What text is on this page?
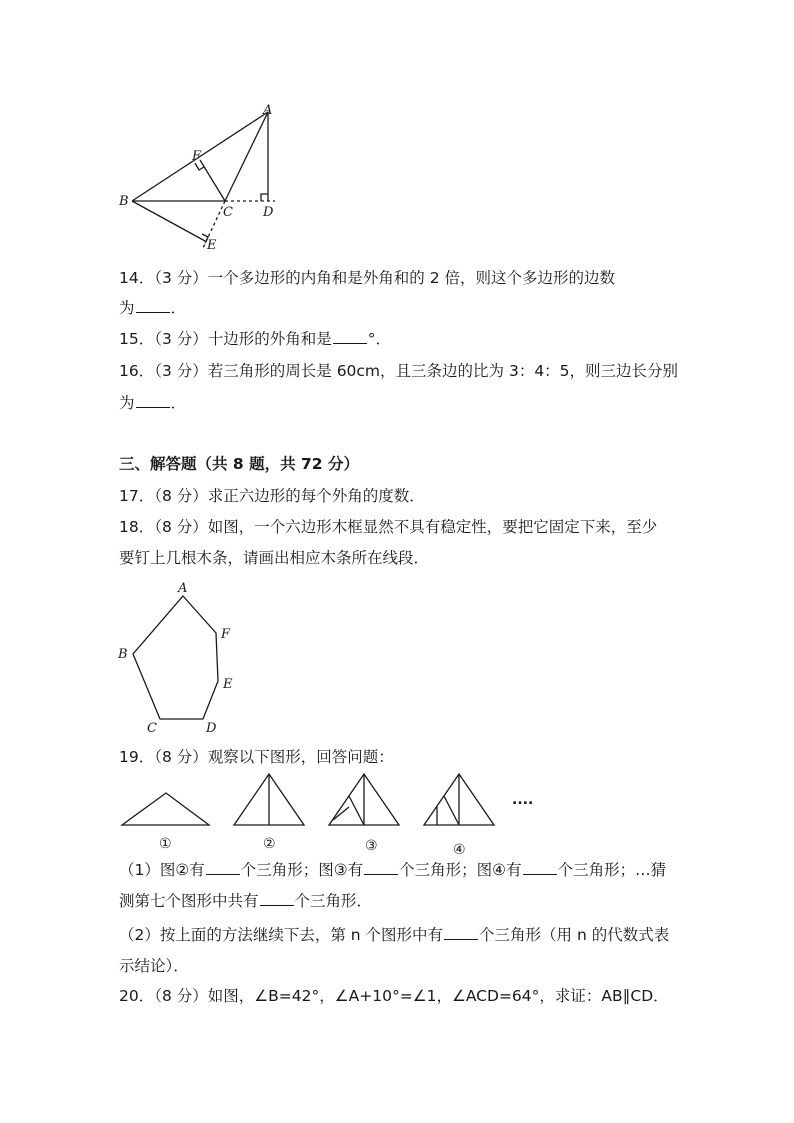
A
B
C D
E
F
14．（3 分）一个多边形的内角和是外角和的 2 倍，则这个多边形的边数
为 ．
15．（3 分）十边形的外角和是 °．
16．（3 分）若三角形的周长是 60cm，且三条边的比为 3：4：5，则三边长分别
为 ．
三、解答题（共 8 题，共 72 分）
17．（8 分）求正六边形的每个外角的度数．
18．（8 分）如图，一个六边形木框显然不具有稳定性，要把它固定下来，至少
要钉上几根木条，请画出相应木条所在线段．
A
B
C	D
E
F
19．（8 分）观察以下图形，回答问题：
①	②	③	④
....
（1）图②有 个三角形；图③有 个三角形；图④有 个三角形；…猜
测第七个图形中共有 个三角形．
（2）按上面的方法继续下去，第 n 个图形中有 个三角形（用 n 的代数式表
示结论）．
20．（8 分）如图，∠B=42°，∠A+10°=∠1，∠ACD=64°，求证：AB∥CD．
